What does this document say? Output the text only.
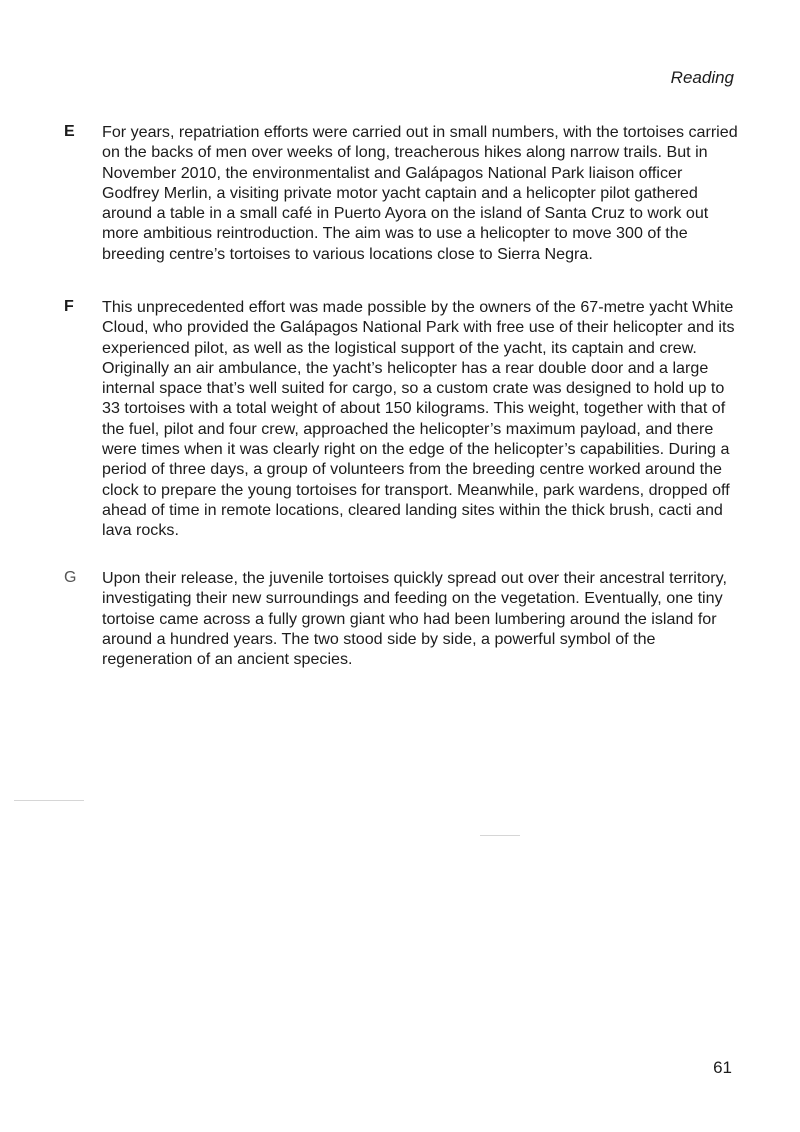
Reading
E	For years, repatriation efforts were carried out in small numbers, with the tortoises carried on the backs of men over weeks of long, treacherous hikes along narrow trails. But in November 2010, the environmentalist and Galápagos National Park liaison officer Godfrey Merlin, a visiting private motor yacht captain and a helicopter pilot gathered around a table in a small café in Puerto Ayora on the island of Santa Cruz to work out more ambitious reintroduction. The aim was to use a helicopter to move 300 of the breeding centre’s tortoises to various locations close to Sierra Negra.

F	This unprecedented effort was made possible by the owners of the 67-metre yacht White Cloud, who provided the Galápagos National Park with free use of their helicopter and its experienced pilot, as well as the logistical support of the yacht, its captain and crew. Originally an air ambulance, the yacht’s helicopter has a rear double door and a large internal space that’s well suited for cargo, so a custom crate was designed to hold up to 33 tortoises with a total weight of about 150 kilograms. This weight, together with that of the fuel, pilot and four crew, approached the helicopter’s maximum payload, and there were times when it was clearly right on the edge of the helicopter’s capabilities. During a period of three days, a group of volunteers from the breeding centre worked around the clock to prepare the young tortoises for transport. Meanwhile, park wardens, dropped off ahead of time in remote locations, cleared landing sites within the thick brush, cacti and lava rocks.

G	Upon their release, the juvenile tortoises quickly spread out over their ancestral territory, investigating their new surroundings and feeding on the vegetation. Eventually, one tiny tortoise came across a fully grown giant who had been lumbering around the island for around a hundred years. The two stood side by side, a powerful symbol of the regeneration of an ancient species.

61
